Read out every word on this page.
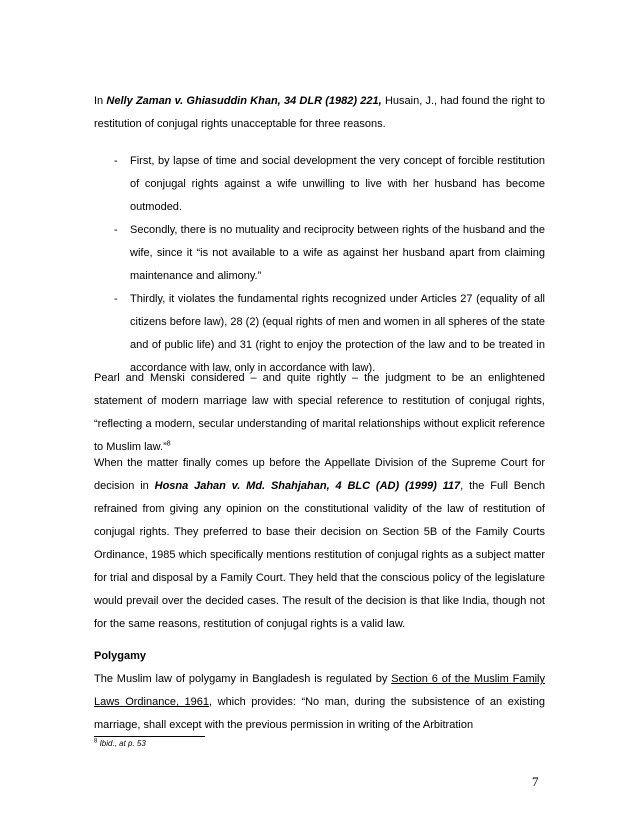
In Nelly Zaman v. Ghiasuddin Khan, 34 DLR (1982) 221, Husain, J., had found the right to restitution of conjugal rights unacceptable for three reasons.

- First, by lapse of time and social development the very concept of forcible restitution of conjugal rights against a wife unwilling to live with her husband has become outmoded.
- Secondly, there is no mutuality and reciprocity between rights of the husband and the wife, since it “is not available to a wife as against her husband apart from claiming maintenance and alimony.”
- Thirdly, it violates the fundamental rights recognized under Articles 27 (equality of all citizens before law), 28 (2) (equal rights of men and women in all spheres of the state and of public life) and 31 (right to enjoy the protection of the law and to be treated in accordance with law, only in accordance with law).

Pearl and Menski considered – and quite rightly – the judgment to be an enlightened statement of modern marriage law with special reference to restitution of conjugal rights, “reflecting a modern, secular understanding of marital relationships without explicit reference to Muslim law.”$^8$

When the matter finally comes up before the Appellate Division of the Supreme Court for decision in Hosna Jahan v. Md. Shahjahan, 4 BLC (AD) (1999) 117, the Full Bench refrained from giving any opinion on the constitutional validity of the law of restitution of conjugal rights. They preferred to base their decision on Section 5B of the Family Courts Ordinance, 1985 which specifically mentions restitution of conjugal rights as a subject matter for trial and disposal by a Family Court. They held that the conscious policy of the legislature would prevail over the decided cases. The result of the decision is that like India, though not for the same reasons, restitution of conjugal rights is a valid law.

Polygamy

The Muslim law of polygamy in Bangladesh is regulated by Section 6 of the Muslim Family Laws Ordinance, 1961, which provides: “No man, during the subsistence of an existing marriage, shall except with the previous permission in writing of the Arbitration

$^8$ Ibid., at p. 53
7
